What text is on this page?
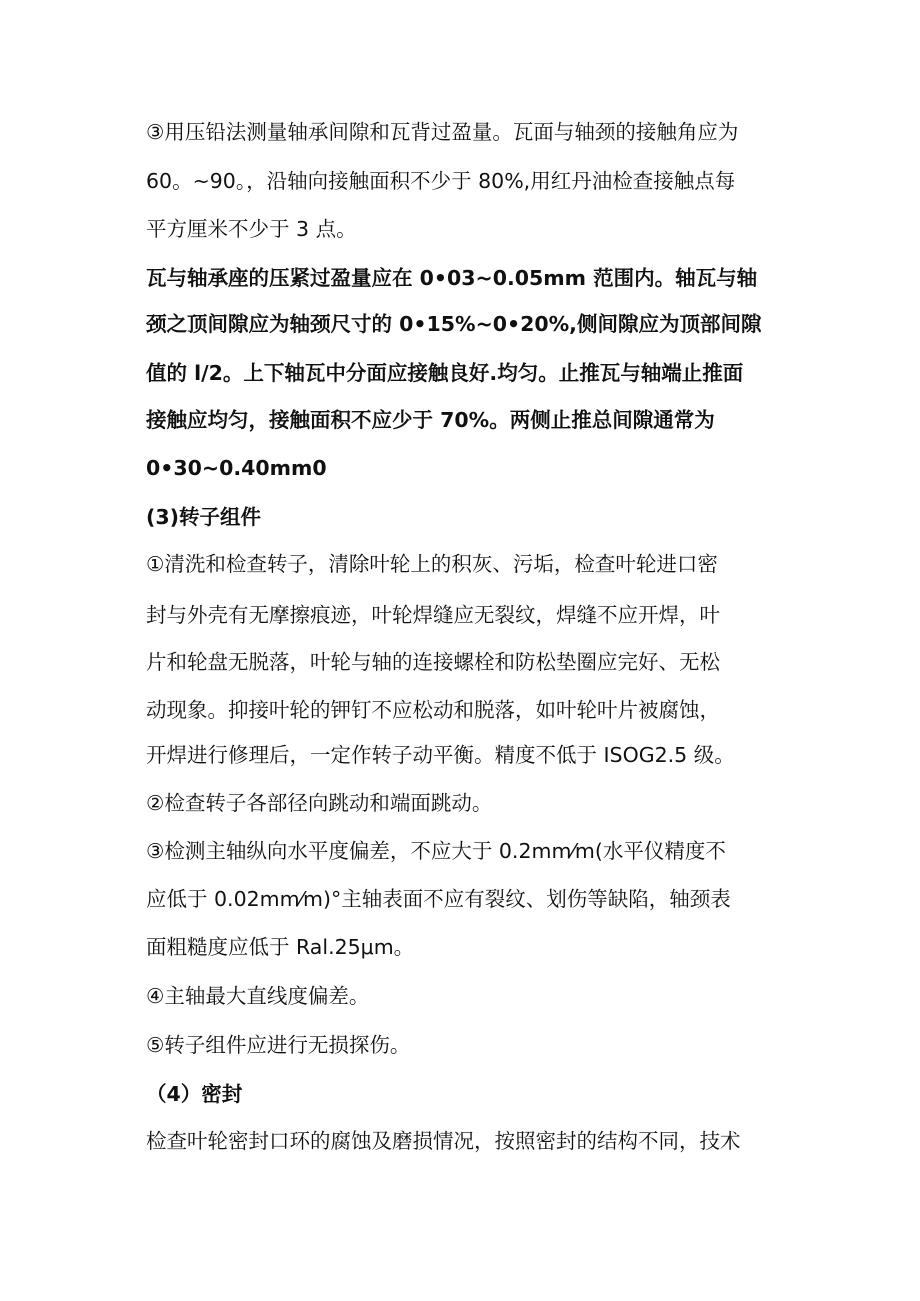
③用压铅法测量轴承间隙和瓦背过盈量。瓦面与轴颈的接触角应为
60。~90。，沿轴向接触面积不少于 80%,用红丹油检查接触点每
平方厘米不少于 3 点。
瓦与轴承座的压紧过盈量应在 0•03~0.05mm 范围内。轴瓦与轴
颈之顶间隙应为轴颈尺寸的 0•15%~0•20%,侧间隙应为顶部间隙
值的 l∕2。上下轴瓦中分面应接触良好.均匀。止推瓦与轴端止推面
接触应均匀，接触面积不应少于 70%。两侧止推总间隙通常为
0•30~0.40mm0
(3)转子组件
①清洗和检查转子，清除叶轮上的积灰、污垢，检查叶轮进口密
封与外壳有无摩擦痕迹，叶轮焊缝应无裂纹，焊缝不应开焊，叶
片和轮盘无脱落，叶轮与轴的连接螺栓和防松垫圈应完好、无松
动现象。抑接叶轮的钾钉不应松动和脱落，如叶轮叶片被腐蚀，
开焊进行修理后，一定作转子动平衡。精度不低于 ISOG2.5 级。
②检查转子各部径向跳动和端面跳动。
③检测主轴纵向水平度偏差，不应大于 0.2mm⁄m(水平仪精度不
应低于 0.02mm⁄m)°主轴表面不应有裂纹、划伤等缺陷，轴颈表
面粗糙度应低于 Ral.25μm。
④主轴最大直线度偏差。
⑤转子组件应进行无损探伤。
（4）密封
检查叶轮密封口环的腐蚀及磨损情况，按照密封的结构不同，技术
